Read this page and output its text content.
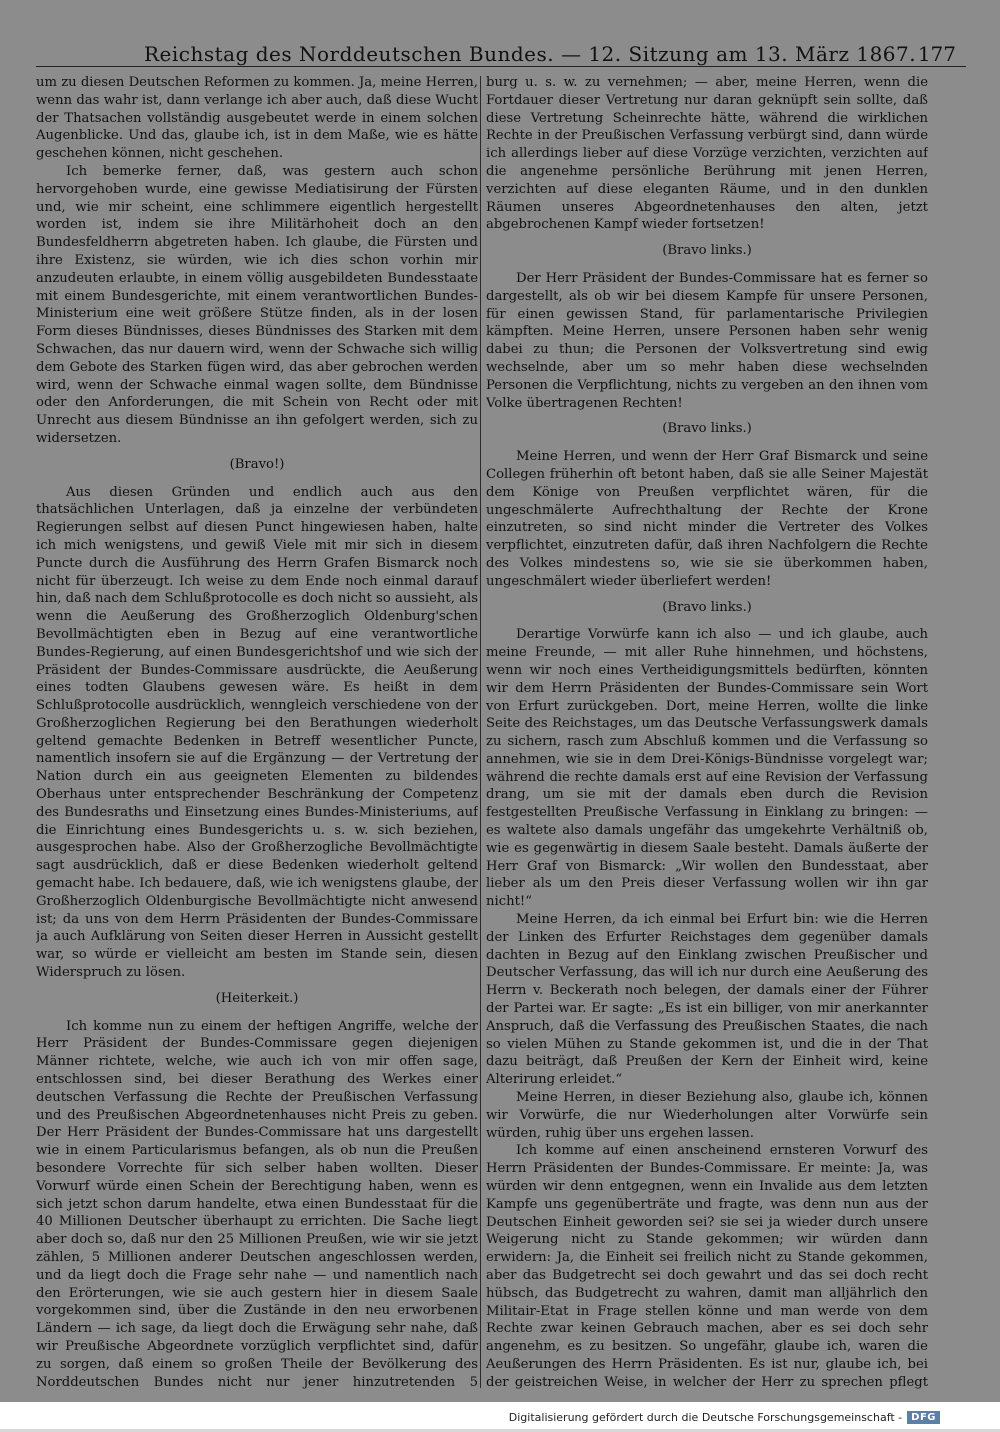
Reichstag des Norddeutschen Bundes. — 12. Sitzung am 13. März 1867. 177

um zu diesen Deutschen Reformen zu kommen. Ja, meine Herren, wenn das wahr ist, dann verlange ich aber auch, daß diese Wucht der Thatsachen vollständig ausgebeutet werde in einem solchen Augenblicke. Und das, glaube ich, ist in dem Maße, wie es hätte geschehen können, nicht geschehen.

Ich bemerke ferner, daß, was gestern auch schon hervorgehoben wurde, eine gewisse Mediatisirung der Fürsten und, wie mir scheint, eine schlimmere eigentlich hergestellt worden ist, indem sie ihre Militärhoheit doch an den Bundesfeldherrn abgetreten haben. Ich glaube, die Fürsten und ihre Existenz, sie würden, wie ich dies schon vorhin mir anzudeuten erlaubte, in einem völlig ausgebildeten Bundesstaate mit einem Bundesgerichte, mit einem verantwortlichen Bundes-Ministerium eine weit größere Stütze finden, als in der losen Form dieses Bündnisses, dieses Bündnisses des Starken mit dem Schwachen, das nur dauern wird, wenn der Schwache sich willig dem Gebote des Starken fügen wird, das aber gebrochen werden wird, wenn der Schwache einmal wagen sollte, dem Bündnisse oder den Anforderungen, die mit Schein von Recht oder mit Unrecht aus diesem Bündnisse an ihn gefolgert werden, sich zu widersetzen.

(Bravo!)

Aus diesen Gründen und endlich auch aus den thatsächlichen Unterlagen, daß ja einzelne der verbündeten Regierungen selbst auf diesen Punct hingewiesen haben, halte ich mich wenigstens, und gewiß Viele mit mir sich in diesem Puncte durch die Ausführung des Herrn Grafen Bismarck noch nicht für überzeugt. Ich weise zu dem Ende noch einmal darauf hin, daß nach dem Schlußprotocolle es doch nicht so aussieht, als wenn die Aeußerung des Großherzoglich Oldenburg'schen Bevollmächtigten eben in Bezug auf eine verantwortliche Bundes-Regierung, auf einen Bundesgerichtshof und wie sich der Präsident der Bundes-Commissare ausdrückte, die Aeußerung eines todten Glaubens gewesen wäre. Es heißt in dem Schlußprotocolle ausdrücklich, wenngleich verschiedene von der Großherzoglichen Regierung bei den Berathungen wiederholt geltend gemachte Bedenken in Betreff wesentlicher Puncte, namentlich insofern sie auf die Ergänzung — der Vertretung der Nation durch ein aus geeigneten Elementen zu bildendes Oberhaus unter entsprechender Beschränkung der Competenz des Bundesraths und Einsetzung eines Bundes-Ministeriums, auf die Einrichtung eines Bundesgerichts u. s. w. sich beziehen, ausgesprochen habe. Also der Großherzogliche Bevollmächtigte sagt ausdrücklich, daß er diese Bedenken wiederholt geltend gemacht habe. Ich bedauere, daß, wie ich wenigstens glaube, der Großherzoglich Oldenburgische Bevollmächtigte nicht anwesend ist; da uns von dem Herrn Präsidenten der Bundes-Commissare ja auch Aufklärung von Seiten dieser Herren in Aussicht gestellt war, so würde er vielleicht am besten im Stande sein, diesen Widerspruch zu lösen.

(Heiterkeit.)

Ich komme nun zu einem der heftigen Angriffe, welche der Herr Präsident der Bundes-Commissare gegen diejenigen Männer richtete, welche, wie auch ich von mir offen sage, entschlossen sind, bei dieser Berathung des Werkes einer deutschen Verfassung die Rechte der Preußischen Verfassung und des Preußischen Abgeordnetenhauses nicht Preis zu geben. Der Herr Präsident der Bundes-Commissare hat uns dargestellt wie in einem Particularismus befangen, als ob nun die Preußen besondere Vorrechte für sich selber haben wollten. Dieser Vorwurf würde einen Schein der Berechtigung haben, wenn es sich jetzt schon darum handelte, etwa einen Bundesstaat für die 40 Millionen Deutscher überhaupt zu errichten. Die Sache liegt aber doch so, daß nur den 25 Millionen Preußen, wie wir sie jetzt zählen, 5 Millionen anderer Deutschen angeschlossen werden, und da liegt doch die Frage sehr nahe — und namentlich nach den Erörterungen, wie sie auch gestern hier in diesem Saale vorgekommen sind, über die Zustände in den neu erworbenen Ländern — ich sage, da liegt doch die Erwägung sehr nahe, daß wir Preußische Abgeordnete vorzüglich verpflichtet sind, dafür zu sorgen, daß einem so großen Theile der Bevölkerung des Norddeutschen Bundes nicht nur jener hinzutretenden 5

burg u. s. w. zu vernehmen; — aber, meine Herren, wenn die Fortdauer dieser Vertretung nur daran geknüpft sein sollte, daß diese Vertretung Scheinrechte hätte, während die wirklichen Rechte in der Preußischen Verfassung verbürgt sind, dann würde ich allerdings lieber auf diese Vorzüge verzichten, verzichten auf die angenehme persönliche Berührung mit jenen Herren, verzichten auf diese eleganten Räume, und in den dunklen Räumen unseres Abgeordnetenhauses den alten, jetzt abgebrochenen Kampf wieder fortsetzen!

(Bravo links.)

Der Herr Präsident der Bundes-Commissare hat es ferner so dargestellt, als ob wir bei diesem Kampfe für unsere Personen, für einen gewissen Stand, für parlamentarische Privilegien kämpften. Meine Herren, unsere Personen haben sehr wenig dabei zu thun; die Personen der Volksvertretung sind ewig wechselnde, aber um so mehr haben diese wechselnden Personen die Verpflichtung, nichts zu vergeben an den ihnen vom Volke übertragenen Rechten!

(Bravo links.)

Meine Herren, und wenn der Herr Graf Bismarck und seine Collegen früherhin oft betont haben, daß sie alle Seiner Majestät dem Könige von Preußen verpflichtet wären, für die ungeschmälerte Aufrechthaltung der Rechte der Krone einzutreten, so sind nicht minder die Vertreter des Volkes verpflichtet, einzutreten dafür, daß ihren Nachfolgern die Rechte des Volkes mindestens so, wie sie sie überkommen haben, ungeschmälert wieder überliefert werden!

(Bravo links.)

Derartige Vorwürfe kann ich also — und ich glaube, auch meine Freunde, — mit aller Ruhe hinnehmen, und höchstens, wenn wir noch eines Vertheidigungsmittels bedürften, könnten wir dem Herrn Präsidenten der Bundes-Commissare sein Wort von Erfurt zurückgeben. Dort, meine Herren, wollte die linke Seite des Reichstages, um das Deutsche Verfassungswerk damals zu sichern, rasch zum Abschluß kommen und die Verfassung so annehmen, wie sie in dem Drei-Königs-Bündnisse vorgelegt war; während die rechte damals erst auf eine Revision der Verfassung drang, um sie mit der damals eben durch die Revision festgestellten Preußische Verfassung in Einklang zu bringen: — es waltete also damals ungefähr das umgekehrte Verhältniß ob, wie es gegenwärtig in diesem Saale besteht. Damals äußerte der Herr Graf von Bismarck: „Wir wollen den Bundesstaat, aber lieber als um den Preis dieser Verfassung wollen wir ihn gar nicht!“

Meine Herren, da ich einmal bei Erfurt bin: wie die Herren der Linken des Erfurter Reichstages dem gegenüber damals dachten in Bezug auf den Einklang zwischen Preußischer und Deutscher Verfassung, das will ich nur durch eine Aeußerung des Herrn v. Beckerath noch belegen, der damals einer der Führer der Partei war. Er sagte: „Es ist ein billiger, von mir anerkannter Anspruch, daß die Verfassung des Preußischen Staates, die nach so vielen Mühen zu Stande gekommen ist, und die in der That dazu beiträgt, daß Preußen der Kern der Einheit wird, keine Alterirung erleidet.“

Meine Herren, in dieser Beziehung also, glaube ich, können wir Vorwürfe, die nur Wiederholungen alter Vorwürfe sein würden, ruhig über uns ergehen lassen.

Ich komme auf einen anscheinend ernsteren Vorwurf des Herrn Präsidenten der Bundes-Commissare. Er meinte: Ja, was würden wir denn entgegnen, wenn ein Invalide aus dem letzten Kampfe uns gegenüberträte und fragte, was denn nun aus der Deutschen Einheit geworden sei? sie sei ja wieder durch unsere Weigerung nicht zu Stande gekommen; wir würden dann erwidern: Ja, die Einheit sei freilich nicht zu Stande gekommen, aber das Budgetrecht sei doch gewahrt und das sei doch recht hübsch, das Budgetrecht zu wahren, damit man alljährlich den Militair-Etat in Frage stellen könne und man werde von dem Rechte zwar keinen Gebrauch machen, aber es sei doch sehr angenehm, es zu besitzen. So ungefähr, glaube ich, waren die Aeußerungen des Herrn Präsidenten. Es ist nur, glaube ich, bei der geistreichen Weise, in welcher der Herr zu sprechen pflegt

Digitalisierung gefördert durch die Deutsche Forschungsgemeinschaft - DFG
